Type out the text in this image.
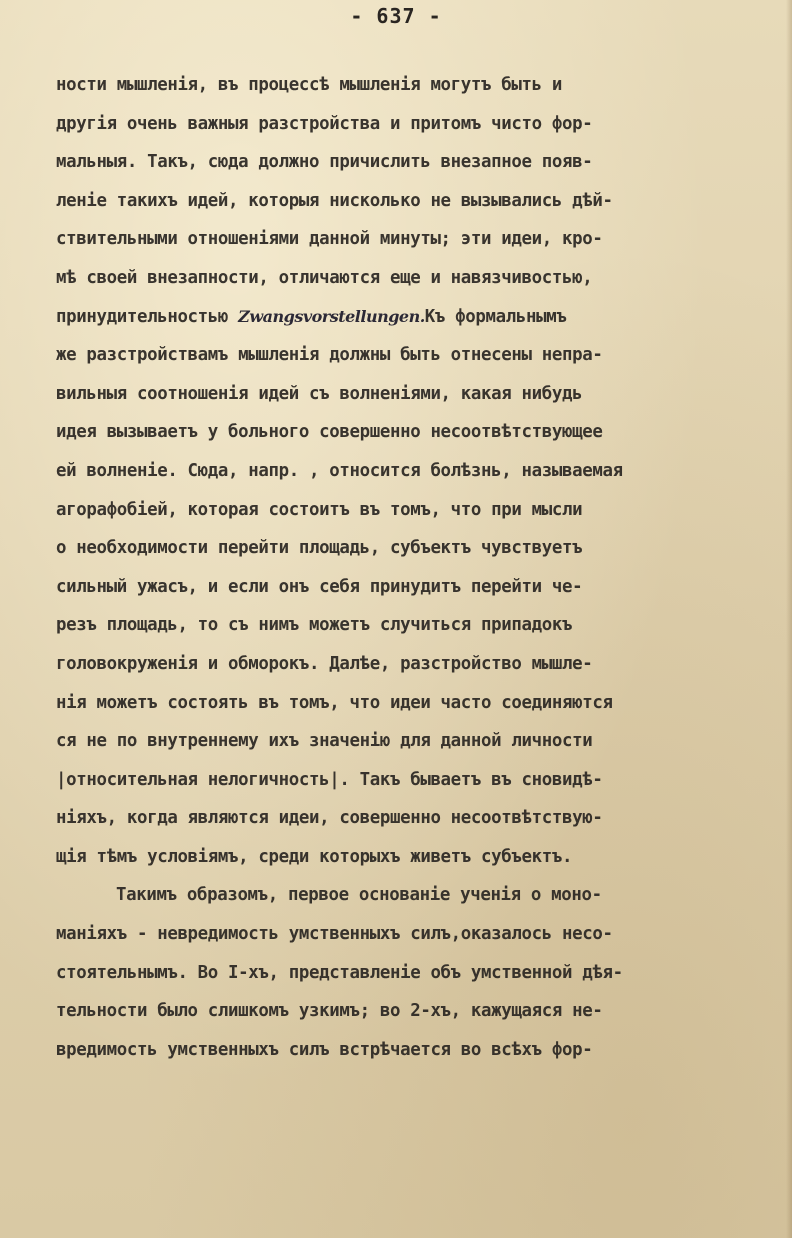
- 637 -

ности мышленія, въ процессѣ мышленія могутъ быть и
другія очень важныя разстройства и притомъ чисто фор-
мальныя. Такъ, сюда должно причислить внезапное появ-
леніе такихъ идей, которыя нисколько не вызывались дѣй-
ствительными отношеніями данной минуты; эти идеи, кро-
мѣ своей внезапности, отличаются еще и навязчивостью,
принудительностью Zwangsvorstellungen.Къ формальнымъ
же разстройствамъ мышленія должны быть отнесены непра-
вильныя соотношенія идей съ волненіями, какая нибудь
идея вызываетъ у больного совершенно несоотвѣтствующее
ей волненіе. Сюда, напр. , относится болѣзнь, называемая
агорафобіей, которая состоитъ въ томъ, что при мысли
о необходимости перейти площадь, субъектъ чувствуетъ
сильный ужасъ, и если онъ себя принудитъ перейти че-
резъ площадь, то съ нимъ можетъ случиться припадокъ
головокруженія и обморокъ. Далѣе, разстройство мышле-
нія можетъ состоять въ томъ, что идеи часто соединяются
ся не по внутреннему ихъ значенію для данной личности
|относительная нелогичность|. Такъ бываетъ въ сновидѣ-
ніяхъ, когда являются идеи, совершенно несоотвѣтствую-
щія тѣмъ условіямъ, среди которыхъ живетъ субъектъ.
Такимъ образомъ, первое основаніе ученія о моно-
маніяхъ - невредимость умственныхъ силъ,оказалось несо-
стоятельнымъ. Во I-хъ, представленіе объ умственной дѣя-
тельности было слишкомъ узкимъ; во 2-хъ, кажущаяся не-
вредимость умственныхъ силъ встрѣчается во всѣхъ фор-
